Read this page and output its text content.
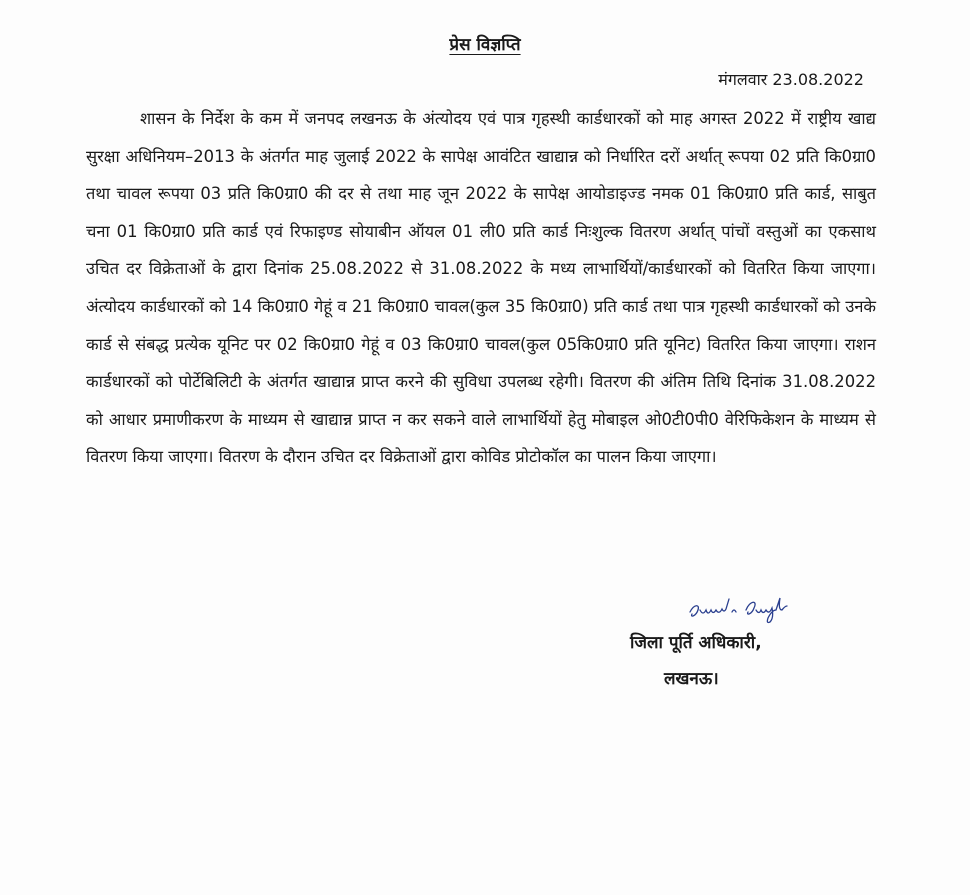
प्रेस विज्ञप्ति
मंगलवार 23.08.2022

शासन के निर्देश के कम में जनपद लखनऊ के अंत्योदय एवं पात्र गृहस्थी कार्डधारकों को माह अगस्त 2022 में राष्ट्रीय खाद्य सुरक्षा अधिनियम–2013 के अंतर्गत माह जुलाई 2022 के सापेक्ष आवंटित खाद्यान्न को निर्धारित दरों अर्थात् रूपया 02 प्रति कि0ग्रा0 तथा चावल रूपया 03 प्रति कि0ग्रा0 की दर से तथा माह जून 2022 के सापेक्ष आयोडाइज्ड नमक 01 कि0ग्रा0 प्रति कार्ड, साबुत चना 01 कि0ग्रा0 प्रति कार्ड एवं रिफाइण्ड सोयाबीन ऑयल 01 ली0 प्रति कार्ड निःशुल्क वितरण अर्थात् पांचों वस्तुओं का एकसाथ उचित दर विक्रेताओं के द्वारा दिनांक 25.08.2022 से 31.08.2022 के मध्य लाभार्थियों/कार्डधारकों को वितरित किया जाएगा। अंत्योदय कार्डधारकों को 14 कि0ग्रा0 गेहूं व 21 कि0ग्रा0 चावल(कुल 35 कि0ग्रा0) प्रति कार्ड तथा पात्र गृहस्थी कार्डधारकों को उनके कार्ड से संबद्ध प्रत्येक यूनिट पर 02 कि0ग्रा0 गेहूं व 03 कि0ग्रा0 चावल(कुल 05कि0ग्रा0 प्रति यूनिट) वितरित किया जाएगा। राशन कार्डधारकों को पोर्टेबिलिटी के अंतर्गत खाद्यान्न प्राप्त करने की सुविधा उपलब्ध रहेगी। वितरण की अंतिम तिथि दिनांक 31.08.2022 को आधार प्रमाणीकरण के माध्यम से खाद्यान्न प्राप्त न कर सकने वाले लाभार्थियों हेतु मोबाइल ओ0टी0पी0 वेरिफिकेशन के माध्यम से वितरण किया जाएगा। वितरण के दौरान उचित दर विक्रेताओं द्वारा कोविड प्रोटोकॉल का पालन किया जाएगा।

जिला पूर्ति अधिकारी,
लखनऊ।
